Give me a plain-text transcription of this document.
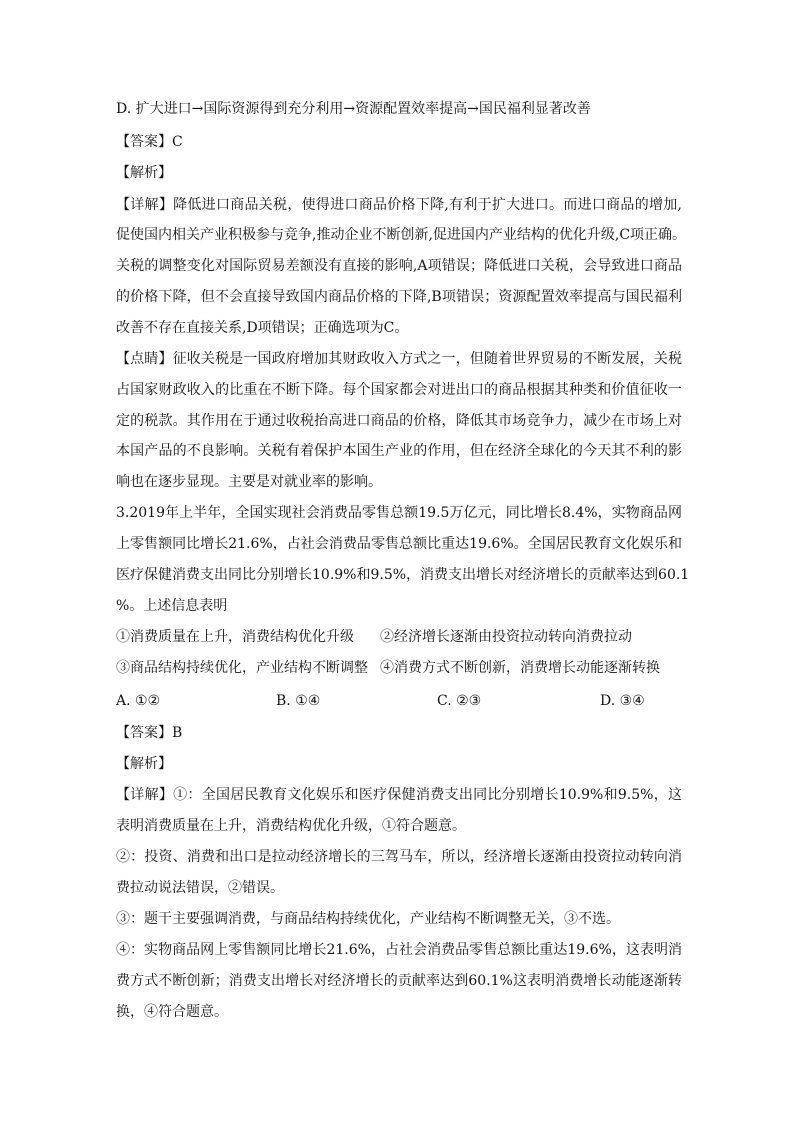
D. 扩大进口→国际资源得到充分利用→资源配置效率提高→国民福利显著改善
【答案】C
【解析】
【详解】降低进口商品关税，使得进口商品价格下降,有利于扩大进口。而进口商品的增加,
促使国内相关产业积极参与竞争,推动企业不断创新,促进国内产业结构的优化升级,C项正确。
关税的调整变化对国际贸易差额没有直接的影响,A项错误；降低进口关税，会导致进口商品
的价格下降，但不会直接导致国内商品价格的下降,B项错误；资源配置效率提高与国民福利
改善不存在直接关系,D项错误；正确选项为C。
【点睛】征收关税是一国政府增加其财政收入方式之一，但随着世界贸易的不断发展，关税
占国家财政收入的比重在不断下降。每个国家都会对进出口的商品根据其种类和价值征收一
定的税款。其作用在于通过收税抬高进口商品的价格，降低其市场竞争力，减少在市场上对
本国产品的不良影响。关税有着保护本国生产业的作用，但在经济全球化的今天其不利的影
响也在逐步显现。主要是对就业率的影响。
3.2019年上半年，全国实现社会消费品零售总额19.5万亿元，同比增长8.4%，实物商品网
上零售额同比增长21.6%，占社会消费品零售总额比重达19.6%。全国居民教育文化娱乐和
医疗保健消费支出同比分别增长10.9%和9.5%，消费支出增长对经济增长的贡献率达到60.1
%。上述信息表明
①消费质量在上升，消费结构优化升级 ②经济增长逐渐由投资拉动转向消费拉动
③商品结构持续优化，产业结构不断调整 ④消费方式不断创新，消费增长动能逐渐转换
A. ①②	B. ①④	C. ②③	D. ③④
【答案】B
【解析】
【详解】①：全国居民教育文化娱乐和医疗保健消费支出同比分别增长10.9%和9.5%，这
表明消费质量在上升，消费结构优化升级，①符合题意。
②：投资、消费和出口是拉动经济增长的三驾马车，所以，经济增长逐渐由投资拉动转向消
费拉动说法错误，②错误。
③：题干主要强调消费，与商品结构持续优化，产业结构不断调整无关，③不选。
④：实物商品网上零售额同比增长21.6%，占社会消费品零售总额比重达19.6%，这表明消
费方式不断创新；消费支出增长对经济增长的贡献率达到60.1%这表明消费增长动能逐渐转
换，④符合题意。
